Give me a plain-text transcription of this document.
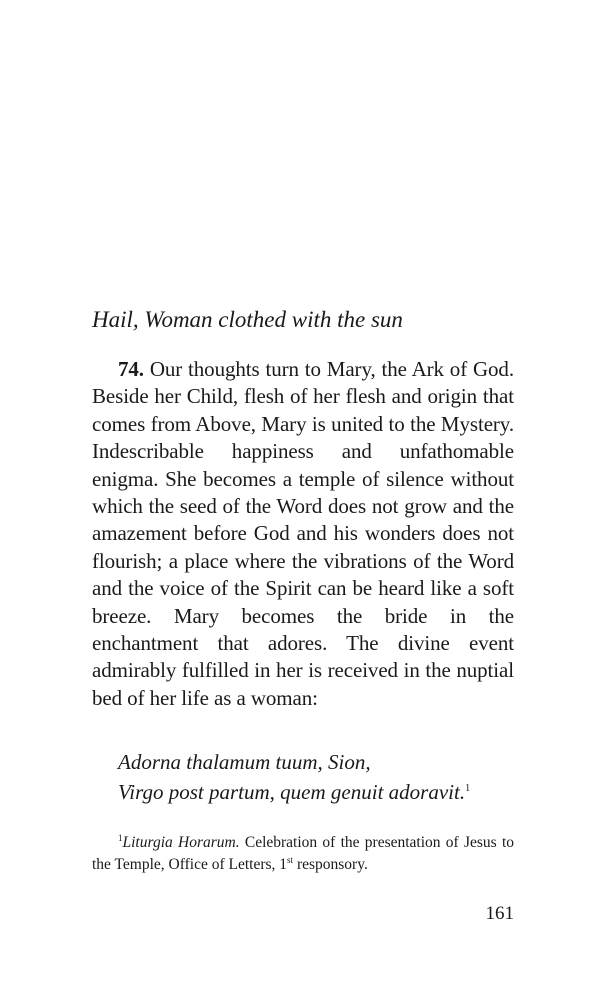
Hail, Woman clothed with the sun

74. Our thoughts turn to Mary, the Ark of God. Beside her Child, flesh of her flesh and origin that comes from Above, Mary is united to the Mystery. Indescribable happiness and unfathomable enigma. She becomes a temple of silence without which the seed of the Word does not grow and the amazement before God and his wonders does not flourish; a place where the vibrations of the Word and the voice of the Spirit can be heard like a soft breeze. Mary becomes the bride in the enchantment that adores. The divine event admirably fulfilled in her is received in the nuptial bed of her life as a woman:

Adorna thalamum tuum, Sion,
Virgo post partum, quem genuit adoravit.$^1$

$^1$Liturgia Horarum. Celebration of the presentation of Jesus to the Temple, Office of Letters, 1st responsory.

161
